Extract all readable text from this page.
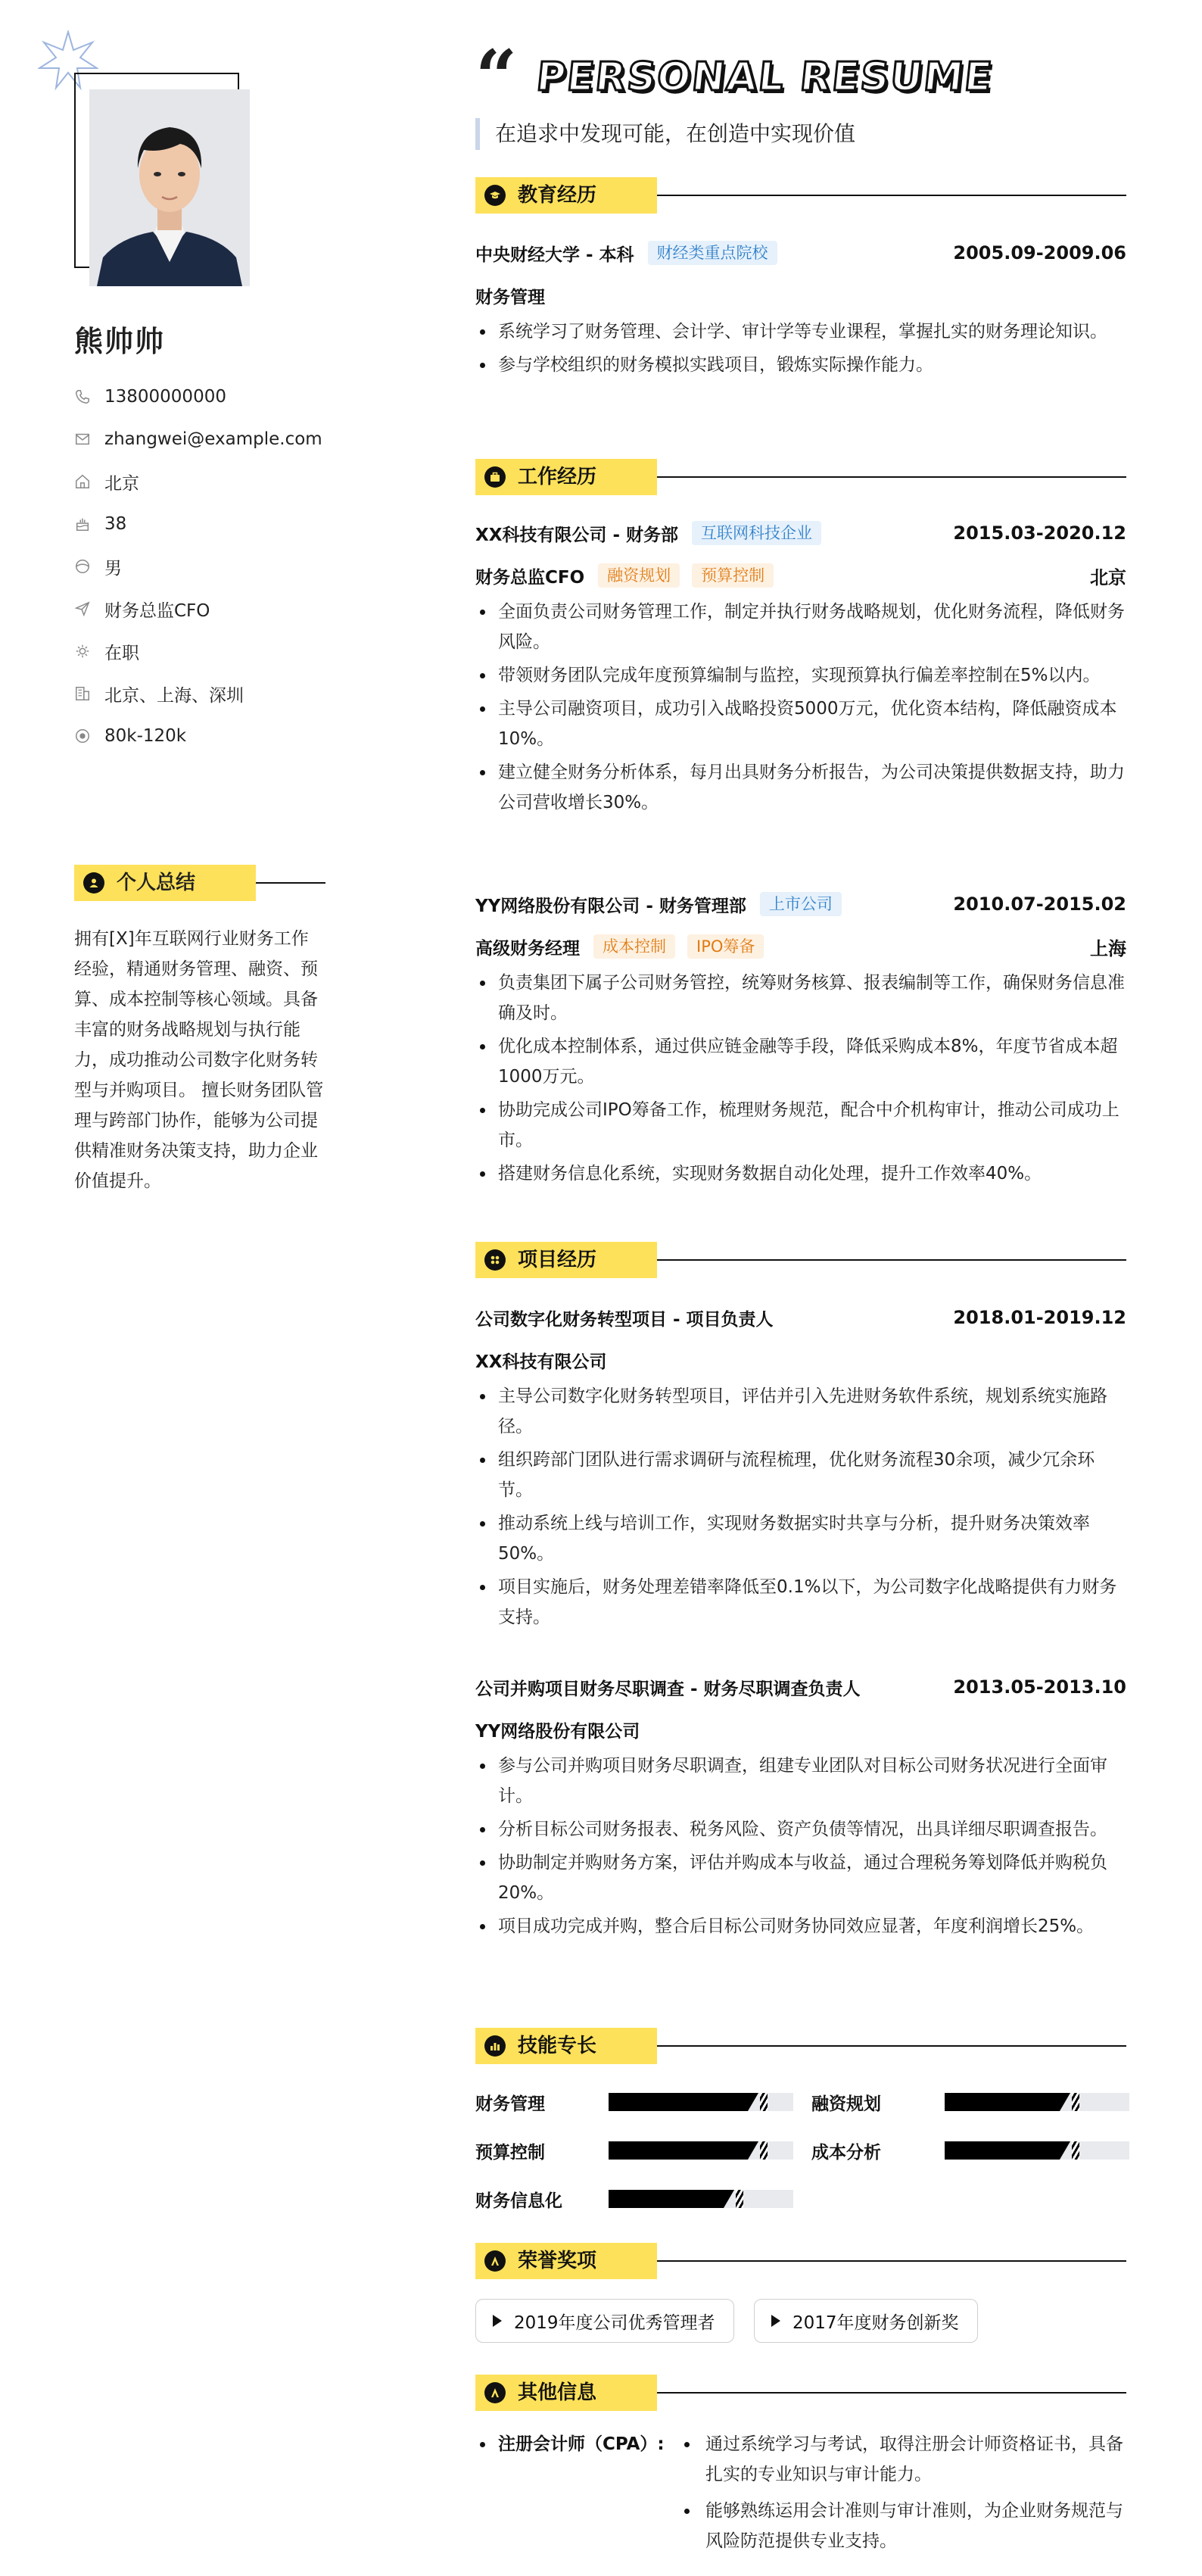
熊帅帅
13800000000
zhangwei@example.com
北京
38
男
财务总监CFO
在职
北京、上海、深圳
80k-120k
个人总结
拥有[X]年互联网行业财务工作经验，精通财务管理、融资、预算、成本控制等核心领域。具备丰富的财务战略规划与执行能力，成功推动公司数字化财务转型与并购项目。 擅长财务团队管理与跨部门协作，能够为公司提供精准财务决策支持，助力企业价值提升。
“ PERSONAL RESUME
在追求中发现可能，在创造中实现价值
教育经历
中央财经大学 - 本科	财经类重点院校	2005.09-2009.06
财务管理
系统学习了财务管理、会计学、审计学等专业课程，掌握扎实的财务理论知识。
参与学校组织的财务模拟实践项目，锻炼实际操作能力。
工作经历
XX科技有限公司 - 财务部	互联网科技企业	2015.03-2020.12
财务总监CFO	融资规划	预算控制	北京
全面负责公司财务管理工作，制定并执行财务战略规划，优化财务流程，降低财务风险。
带领财务团队完成年度预算编制与监控，实现预算执行偏差率控制在5%以内。
主导公司融资项目，成功引入战略投资5000万元，优化资本结构，降低融资成本10%。
建立健全财务分析体系，每月出具财务分析报告，为公司决策提供数据支持，助力公司营收增长30%。
YY网络股份有限公司 - 财务管理部	上市公司	2010.07-2015.02
高级财务经理	成本控制	IPO筹备	上海
负责集团下属子公司财务管控，统筹财务核算、报表编制等工作，确保财务信息准确及时。
优化成本控制体系，通过供应链金融等手段，降低采购成本8%，年度节省成本超1000万元。
协助完成公司IPO筹备工作，梳理财务规范，配合中介机构审计，推动公司成功上市。
搭建财务信息化系统，实现财务数据自动化处理，提升工作效率40%。
项目经历
公司数字化财务转型项目 - 项目负责人	2018.01-2019.12
XX科技有限公司
主导公司数字化财务转型项目，评估并引入先进财务软件系统，规划系统实施路径。
组织跨部门团队进行需求调研与流程梳理，优化财务流程30余项，减少冗余环节。
推动系统上线与培训工作，实现财务数据实时共享与分析，提升财务决策效率50%。
项目实施后，财务处理差错率降低至0.1%以下，为公司数字化战略提供有力财务支持。
公司并购项目财务尽职调查 - 财务尽职调查负责人	2013.05-2013.10
YY网络股份有限公司
参与公司并购项目财务尽职调查，组建专业团队对目标公司财务状况进行全面审计。
分析目标公司财务报表、税务风险、资产负债等情况，出具详细尽职调查报告。
协助制定并购财务方案，评估并购成本与收益，通过合理税务筹划降低并购税负20%。
项目成功完成并购，整合后目标公司财务协同效应显著，年度利润增长25%。
技能专长
财务管理	融资规划
预算控制	成本分析
财务信息化
荣誉奖项
2019年度公司优秀管理者	2017年度财务创新奖
其他信息
注册会计师（CPA）:	通过系统学习与考试，取得注册会计师资格证书，具备扎实的专业知识与审计能力。
能够熟练运用会计准则与审计准则，为企业财务规范与风险防范提供专业支持。
